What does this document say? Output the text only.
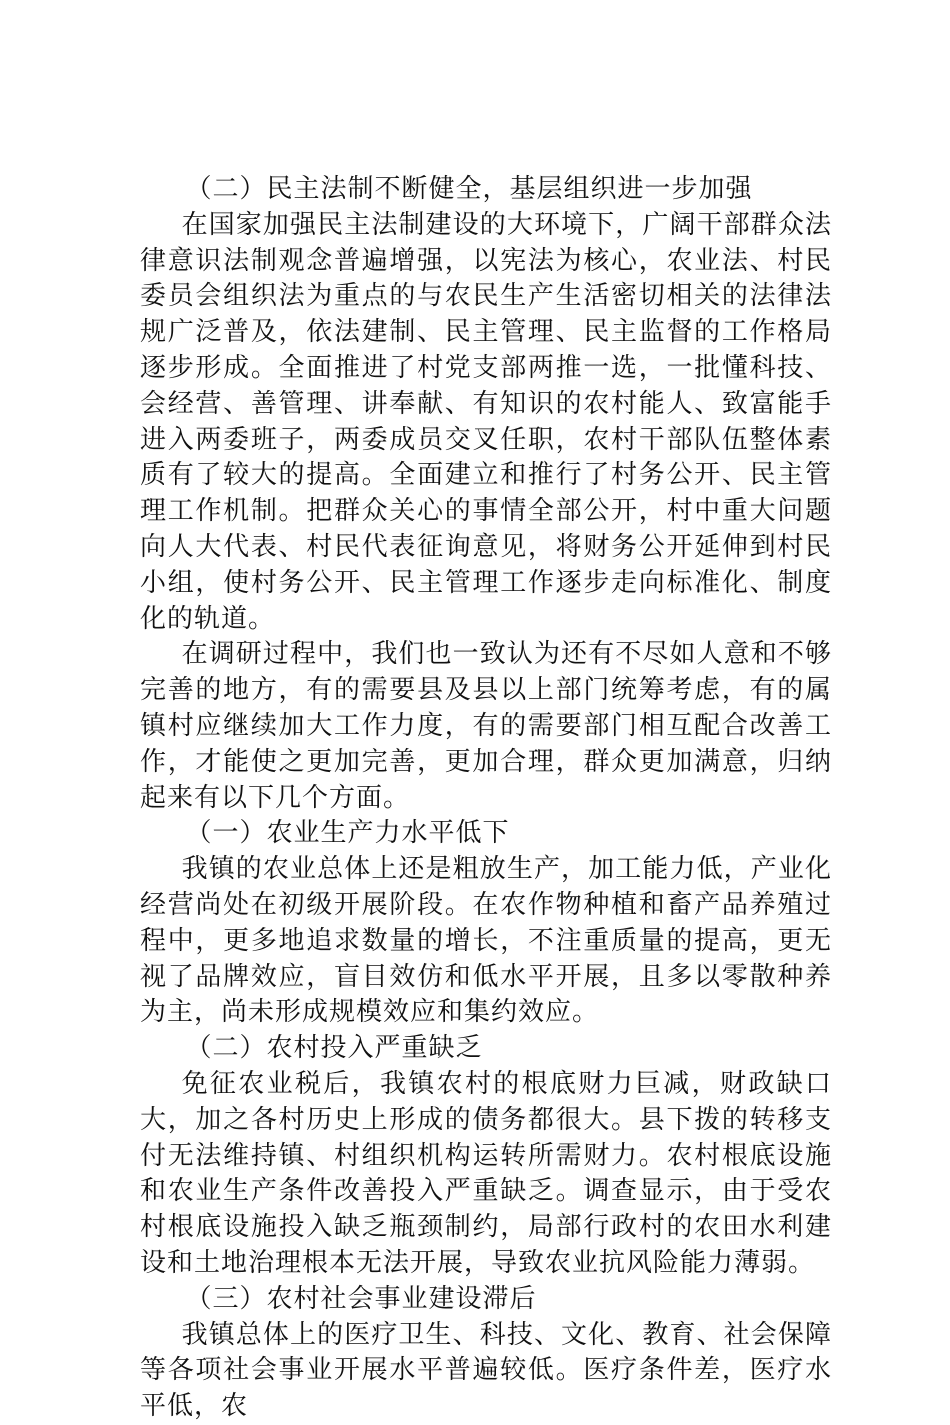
（二）民主法制不断健全，基层组织进一步加强

在国家加强民主法制建设的大环境下，广阔干部群众法律意识法制观念普遍增强，以宪法为核心，农业法、村民委员会组织法为重点的与农民生产生活密切相关的法律法规广泛普及，依法建制、民主管理、民主监督的工作格局逐步形成。全面推进了村党支部两推一选，一批懂科技、会经营、善管理、讲奉献、有知识的农村能人、致富能手进入两委班子，两委成员交叉任职，农村干部队伍整体素质有了较大的提高。全面建立和推行了村务公开、民主管理工作机制。把群众关心的事情全部公开，村中重大问题向人大代表、村民代表征询意见，将财务公开延伸到村民小组，使村务公开、民主管理工作逐步走向标准化、制度化的轨道。

在调研过程中，我们也一致认为还有不尽如人意和不够完善的地方，有的需要县及县以上部门统筹考虑，有的属镇村应继续加大工作力度，有的需要部门相互配合改善工作，才能使之更加完善，更加合理，群众更加满意，归纳起来有以下几个方面。

（一）农业生产力水平低下

我镇的农业总体上还是粗放生产，加工能力低，产业化经营尚处在初级开展阶段。在农作物种植和畜产品养殖过程中，更多地追求数量的增长，不注重质量的提高，更无视了品牌效应，盲目效仿和低水平开展，且多以零散种养为主，尚未形成规模效应和集约效应。

（二）农村投入严重缺乏

免征农业税后，我镇农村的根底财力巨减，财政缺口大，加之各村历史上形成的债务都很大。县下拨的转移支付无法维持镇、村组织机构运转所需财力。农村根底设施和农业生产条件改善投入严重缺乏。调查显示，由于受农村根底设施投入缺乏瓶颈制约，局部行政村的农田水利建设和土地治理根本无法开展，导致农业抗风险能力薄弱。

（三）农村社会事业建设滞后

我镇总体上的医疗卫生、科技、文化、教育、社会保障等各项社会事业开展水平普遍较低。医疗条件差，医疗水平低，农
